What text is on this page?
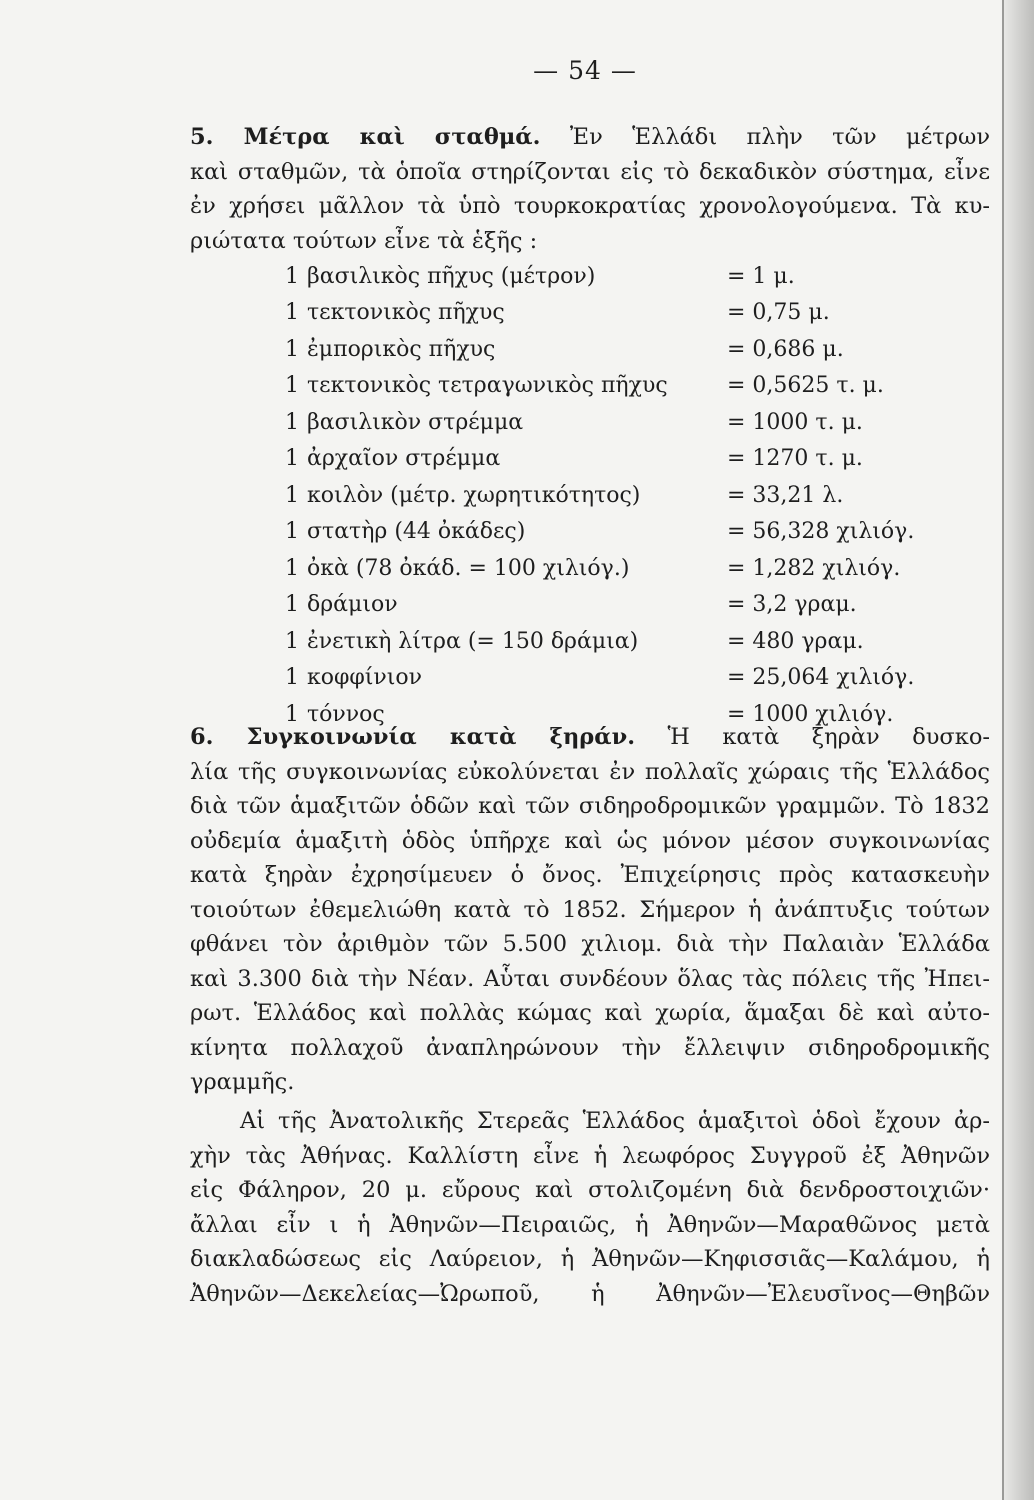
— 54 —
5. Μέτρα καὶ σταθμά. Ἐν Ἑλλάδι πλὴν τῶν μέτρων
καὶ σταθμῶν, τὰ ὁποῖα στηρίζονται εἰς τὸ δεκαδικὸν σύστημα, εἶνε
ἐν χρήσει μᾶλλον τὰ ὑπὸ τουρκοκρατίας χρονολογούμενα. Τὰ κυ-
ριώτατα τούτων εἶνε τὰ ἑξῆς :
1 βασιλικὸς πῆχυς (μέτρον)	= 1 μ.
1 τεκτονικὸς πῆχυς	= 0,75 μ.
1 ἐμπορικὸς πῆχυς	= 0,686 μ.
1 τεκτονικὸς τετραγωνικὸς πῆχυς	= 0,5625 τ. μ.
1 βασιλικὸν στρέμμα	= 1000 τ. μ.
1 ἀρχαῖον στρέμμα	= 1270 τ. μ.
1 κοιλὸν (μέτρ. χωρητικότητος)	= 33,21 λ.
1 στατὴρ (44 ὀκάδες)	= 56,328 χιλιόγ.
1 ὀκὰ (78 ὀκάδ. = 100 χιλιόγ.)	= 1,282 χιλιόγ.
1 δράμιον	= 3,2 γραμ.
1 ἐνετικὴ λίτρα (= 150 δράμια)	= 480 γραμ.
1 κοφφίνιον	= 25,064 χιλιόγ.
1 τόννος	= 1000 χιλιόγ.
6. Συγκοινωνία κατὰ ξηράν. Ἡ κατὰ ξηρὰν δυσκο-
λία τῆς συγκοινωνίας εὐκολύνεται ἐν πολλαῖς χώραις τῆς Ἑλλάδος
διὰ τῶν ἁμαξιτῶν ὁδῶν καὶ τῶν σιδηροδρομικῶν γραμμῶν. Τὸ 1832
οὐδεμία ἁμαξιτὴ ὁδὸς ὑπῆρχε καὶ ὡς μόνον μέσον συγκοινωνίας
κατὰ ξηρὰν ἐχρησίμευεν ὁ ὄνος. Ἐπιχείρησις πρὸς κατασκευὴν
τοιούτων ἐθεμελιώθη κατὰ τὸ 1852. Σήμερον ἡ ἀνάπτυξις τούτων
φθάνει τὸν ἀριθμὸν τῶν 5.500 χιλιομ. διὰ τὴν Παλαιὰν Ἑλλάδα
καὶ 3.300 διὰ τὴν Νέαν. Αὗται συνδέουν ὅλας τὰς πόλεις τῆς Ἠπει-
ρωτ. Ἑλλάδος καὶ πολλὰς κώμας καὶ χωρία, ἅμαξαι δὲ καὶ αὐτο-
κίνητα πολλαχοῦ ἀναπληρώνουν τὴν ἔλλειψιν σιδηροδρομικῆς
γραμμῆς.
Αἱ τῆς Ἀνατολικῆς Στερεᾶς Ἑλλάδος ἁμαξιτοὶ ὁδοὶ ἔχουν ἀρ-
χὴν τὰς Ἀθήνας. Καλλίστη εἶνε ἡ λεωφόρος Συγγροῦ ἐξ Ἀθηνῶν
εἰς Φάληρον, 20 μ. εὔρους καὶ στολιζομένη διὰ δενδροστοιχιῶν·
ἄλλαι εἶν ι ἡ Ἀθηνῶν—Πειραιῶς, ἡ Ἀθηνῶν—Μαραθῶνος μετὰ
διακλαδώσεως εἰς Λαύρειον, ἡ Ἀθηνῶν—Κηφισσιᾶς—Καλάμου, ἡ
Ἀθηνῶν—Δεκελείας—Ὠρωποῦ, ἡ Ἀθηνῶν—Ἐλευσῖνος—Θηβῶν
